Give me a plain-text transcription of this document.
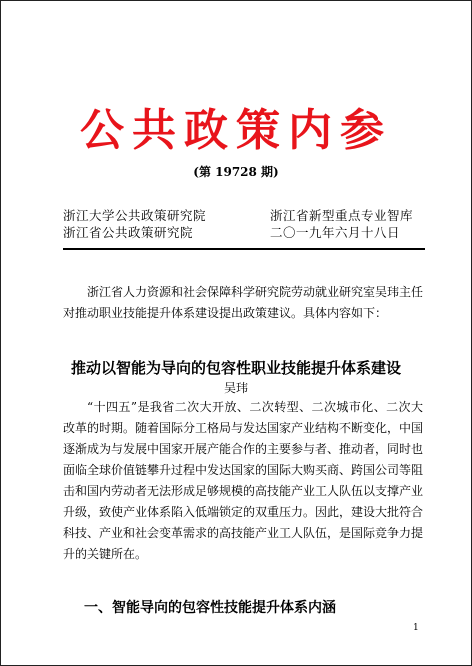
公共政策内参
(第 19728 期)
浙江大学公共政策研究院	浙江省新型重点专业智库
浙江省公共政策研究院	二〇一九年六月十八日
浙江省人力资源和社会保障科学研究院劳动就业研究室吴玮主任对推动职业技能提升体系建设提出政策建议。具体内容如下：
推动以智能为导向的包容性职业技能提升体系建设
吴玮
“十四五”是我省二次大开放、二次转型、二次城市化、二次大改革的时期。随着国际分工格局与发达国家产业结构不断变化，中国逐渐成为与发展中国家开展产能合作的主要参与者、推动者，同时也面临全球价值链攀升过程中发达国家的国际大购买商、跨国公司等阻击和国内劳动者无法形成足够规模的高技能产业工人队伍以支撑产业升级，致使产业体系陷入低端锁定的双重压力。因此，建设大批符合科技、产业和社会变革需求的高技能产业工人队伍，是国际竞争力提升的关键所在。
一、智能导向的包容性技能提升体系内涵
1
